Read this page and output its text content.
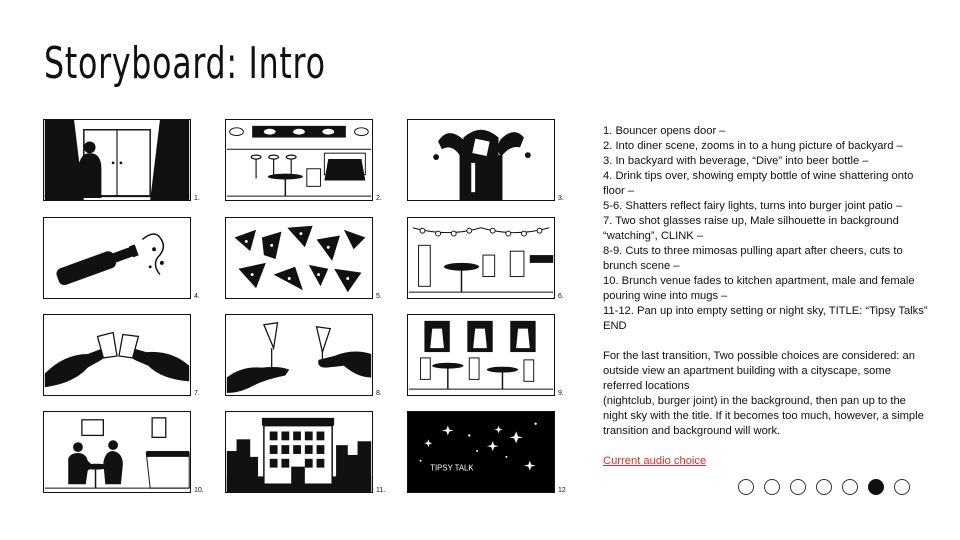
Storyboard: Intro
1.	2.	3.
4.	5.	6.
7.	8.	9.
10.	11.
TIPSY TALK
12

1. Bouncer opens door –

2. Into diner scene, zooms in to a hung picture of backyard –

3. In backyard with beverage, “Dive” into beer bottle –

4. Drink tips over, showing empty bottle of wine shattering onto floor –

5-6. Shatters reflect fairy lights, turns into burger joint patio –

7. Two shot glasses raise up, Male silhouette in background “watching”, CLINK –

8-9. Cuts to three mimosas pulling apart after cheers, cuts to brunch scene –

10. Brunch venue fades to kitchen apartment, male and female pouring wine into mugs –

11-12. Pan up into empty setting or night sky, TITLE: “Tipsy Talks” END

For the last transition, Two possible choices are considered: an outside view an apartment building with a cityscape, some referred locations

(nightclub, burger joint) in the background, then pan up to the night sky with the title. If it becomes too much, however, a simple transition and background will work.

Current audio choice
